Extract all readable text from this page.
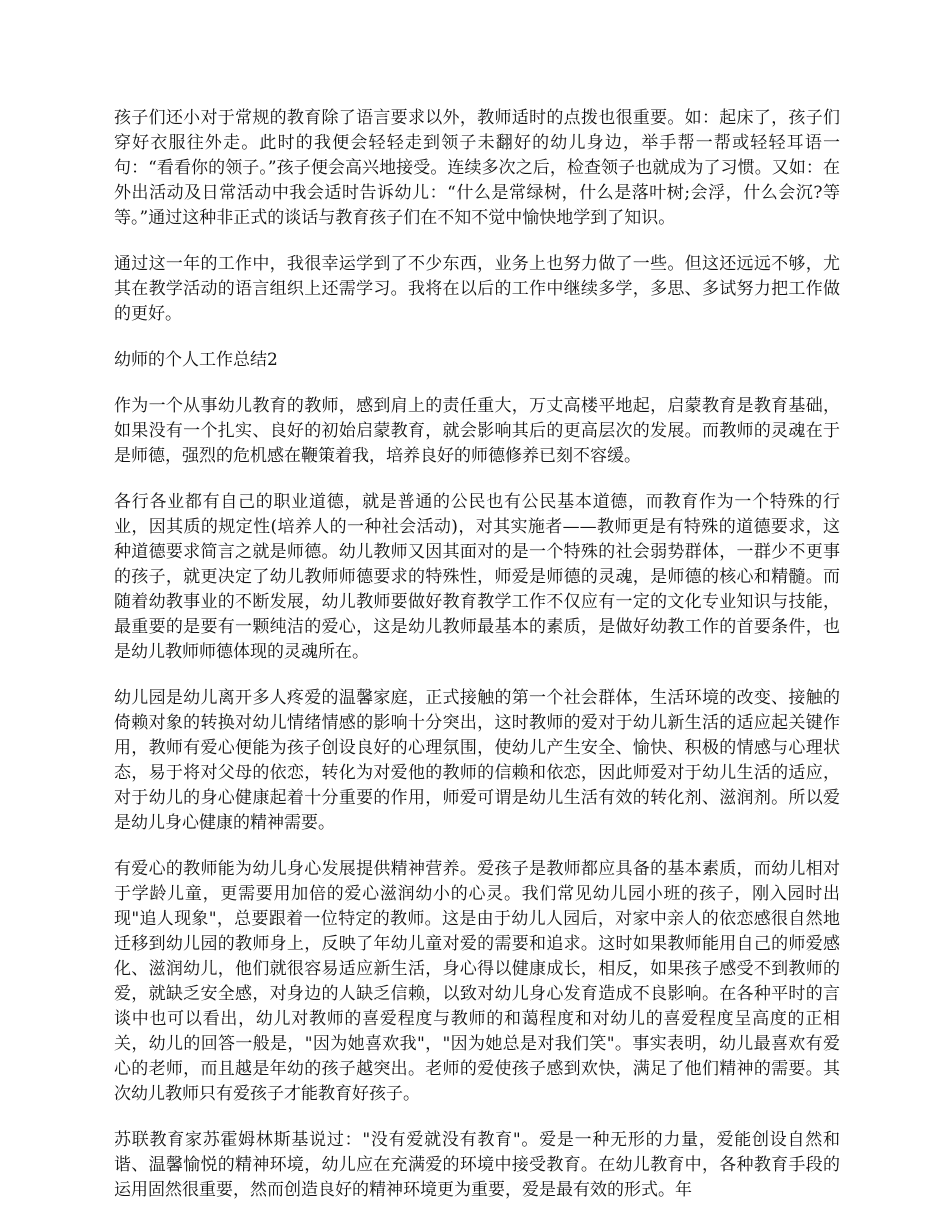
孩子们还小对于常规的教育除了语言要求以外，教师适时的点拨也很重要。如：起床了，孩子们穿好衣服往外走。此时的我便会轻轻走到领子未翻好的幼儿身边，举手帮一帮或轻轻耳语一句：“看看你的领子。”孩子便会高兴地接受。连续多次之后，检查领子也就成为了习惯。又如：在外出活动及日常活动中我会适时告诉幼儿：“什么是常绿树，什么是落叶树;会浮，什么会沉?等等。”通过这种非正式的谈话与教育孩子们在不知不觉中愉快地学到了知识。

通过这一年的工作中，我很幸运学到了不少东西，业务上也努力做了一些。但这还远远不够，尤其在教学活动的语言组织上还需学习。我将在以后的工作中继续多学，多思、多试努力把工作做的更好。

幼师的个人工作总结2

作为一个从事幼儿教育的教师，感到肩上的责任重大，万丈高楼平地起，启蒙教育是教育基础，如果没有一个扎实、良好的初始启蒙教育，就会影响其后的更高层次的发展。而教师的灵魂在于是师德，强烈的危机感在鞭策着我，培养良好的师德修养已刻不容缓。

各行各业都有自己的职业道德，就是普通的公民也有公民基本道德，而教育作为一个特殊的行业，因其质的规定性(培养人的一种社会活动)，对其实施者——教师更是有特殊的道德要求，这种道德要求简言之就是师德。幼儿教师又因其面对的是一个特殊的社会弱势群体，一群少不更事的孩子，就更决定了幼儿教师师德要求的特殊性，师爱是师德的灵魂，是师德的核心和精髓。而随着幼教事业的不断发展，幼儿教师要做好教育教学工作不仅应有一定的文化专业知识与技能，最重要的是要有一颗纯洁的爱心，这是幼儿教师最基本的素质，是做好幼教工作的首要条件，也是幼儿教师师德体现的灵魂所在。

幼儿园是幼儿离开多人疼爱的温馨家庭，正式接触的第一个社会群体，生活环境的改变、接触的倚赖对象的转换对幼儿情绪情感的影响十分突出，这时教师的爱对于幼儿新生活的适应起关键作用，教师有爱心便能为孩子创设良好的心理氛围，使幼儿产生安全、愉快、积极的情感与心理状态，易于将对父母的依恋，转化为对爱他的教师的信赖和依恋，因此师爱对于幼儿生活的适应，对于幼儿的身心健康起着十分重要的作用，师爱可谓是幼儿生活有效的转化剂、滋润剂。所以爱是幼儿身心健康的精神需要。

有爱心的教师能为幼儿身心发展提供精神营养。爱孩子是教师都应具备的基本素质，而幼儿相对于学龄儿童，更需要用加倍的爱心滋润幼小的心灵。我们常见幼儿园小班的孩子，刚入园时出现"追人现象"，总要跟着一位特定的教师。这是由于幼儿人园后，对家中亲人的依恋感很自然地迁移到幼儿园的教师身上，反映了年幼儿童对爱的需要和追求。这时如果教师能用自己的师爱感化、滋润幼儿，他们就很容易适应新生活，身心得以健康成长，相反，如果孩子感受不到教师的爱，就缺乏安全感，对身边的人缺乏信赖，以致对幼儿身心发育造成不良影响。在各种平时的言谈中也可以看出，幼儿对教师的喜爱程度与教师的和蔼程度和对幼儿的喜爱程度呈高度的正相关，幼儿的回答一般是，"因为她喜欢我"，"因为她总是对我们笑"。事实表明，幼儿最喜欢有爱心的老师，而且越是年幼的孩子越突出。老师的爱使孩子感到欢快，满足了他们精神的需要。其次幼儿教师只有爱孩子才能教育好孩子。

苏联教育家苏霍姆林斯基说过："没有爱就没有教育"。爱是一种无形的力量，爱能创设自然和谐、温馨愉悦的精神环境，幼儿应在充满爱的环境中接受教育。在幼儿教育中，各种教育手段的运用固然很重要，然而创造良好的精神环境更为重要，爱是最有效的形式。年
